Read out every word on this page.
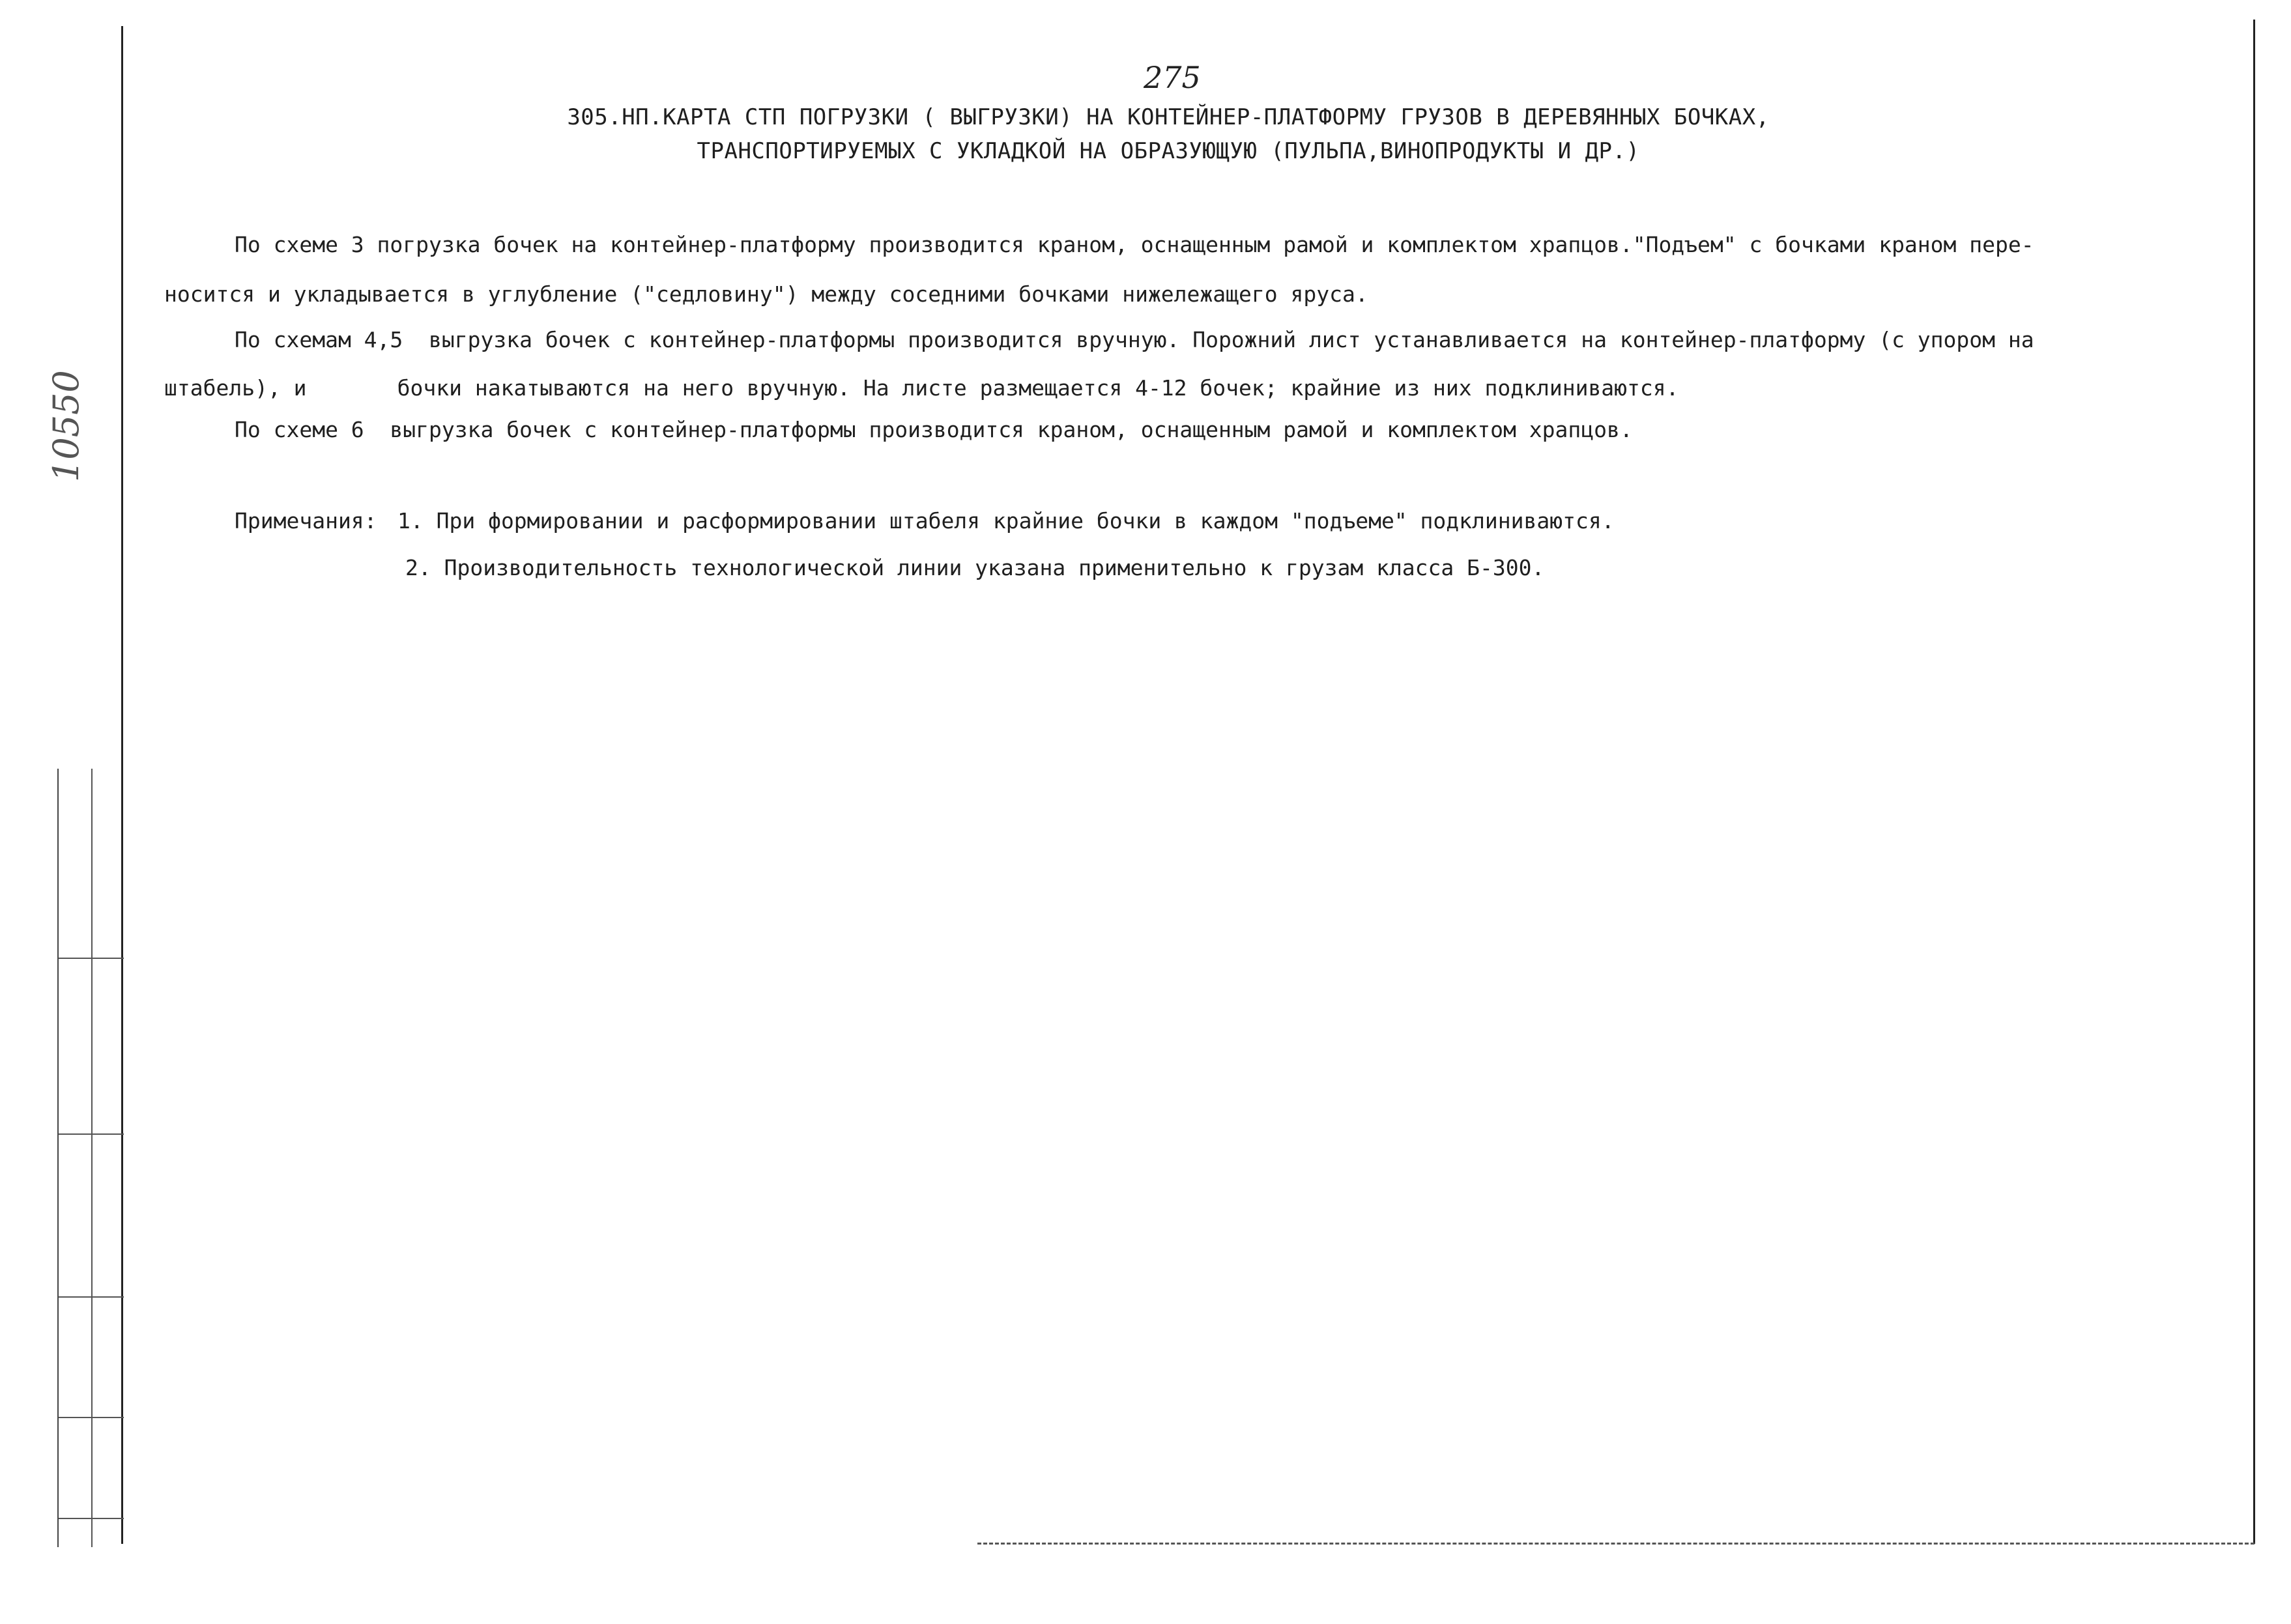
10550
275
305.НП.КАРТА СТП ПОГРУЗКИ ( ВЫГРУЗКИ) НА КОНТЕЙНЕР-ПЛАТФОРМУ ГРУЗОВ В ДЕРЕВЯННЫХ БОЧКАХ,
ТРАНСПОРТИРУЕМЫХ С УКЛАДКОЙ НА ОБРАЗУЮЩУЮ (ПУЛЬПА,ВИНОПРОДУКТЫ И ДР.)
По схеме 3 погрузка бочек на контейнер-платформу производится краном, оснащенным рамой и комплектом храпцов."Подъем" с бочками краном пере-
носится и укладывается в углубление ("седловину") между соседними бочками нижележащего яруса.
По схемам 4,5  выгрузка бочек с контейнер-платформы производится вручную. Порожний лист устанавливается на контейнер-платформу (с упором на
штабель), и       бочки накатываются на него вручную. На листе размещается 4-12 бочек; крайние из них подклиниваются.
По схеме 6  выгрузка бочек с контейнер-платформы производится краном, оснащенным рамой и комплектом храпцов.
Примечания: 1. При формировании и расформировании штабеля крайние бочки в каждом "подъеме" подклиниваются.
2. Производительность технологической линии указана применительно к грузам класса Б-300.
